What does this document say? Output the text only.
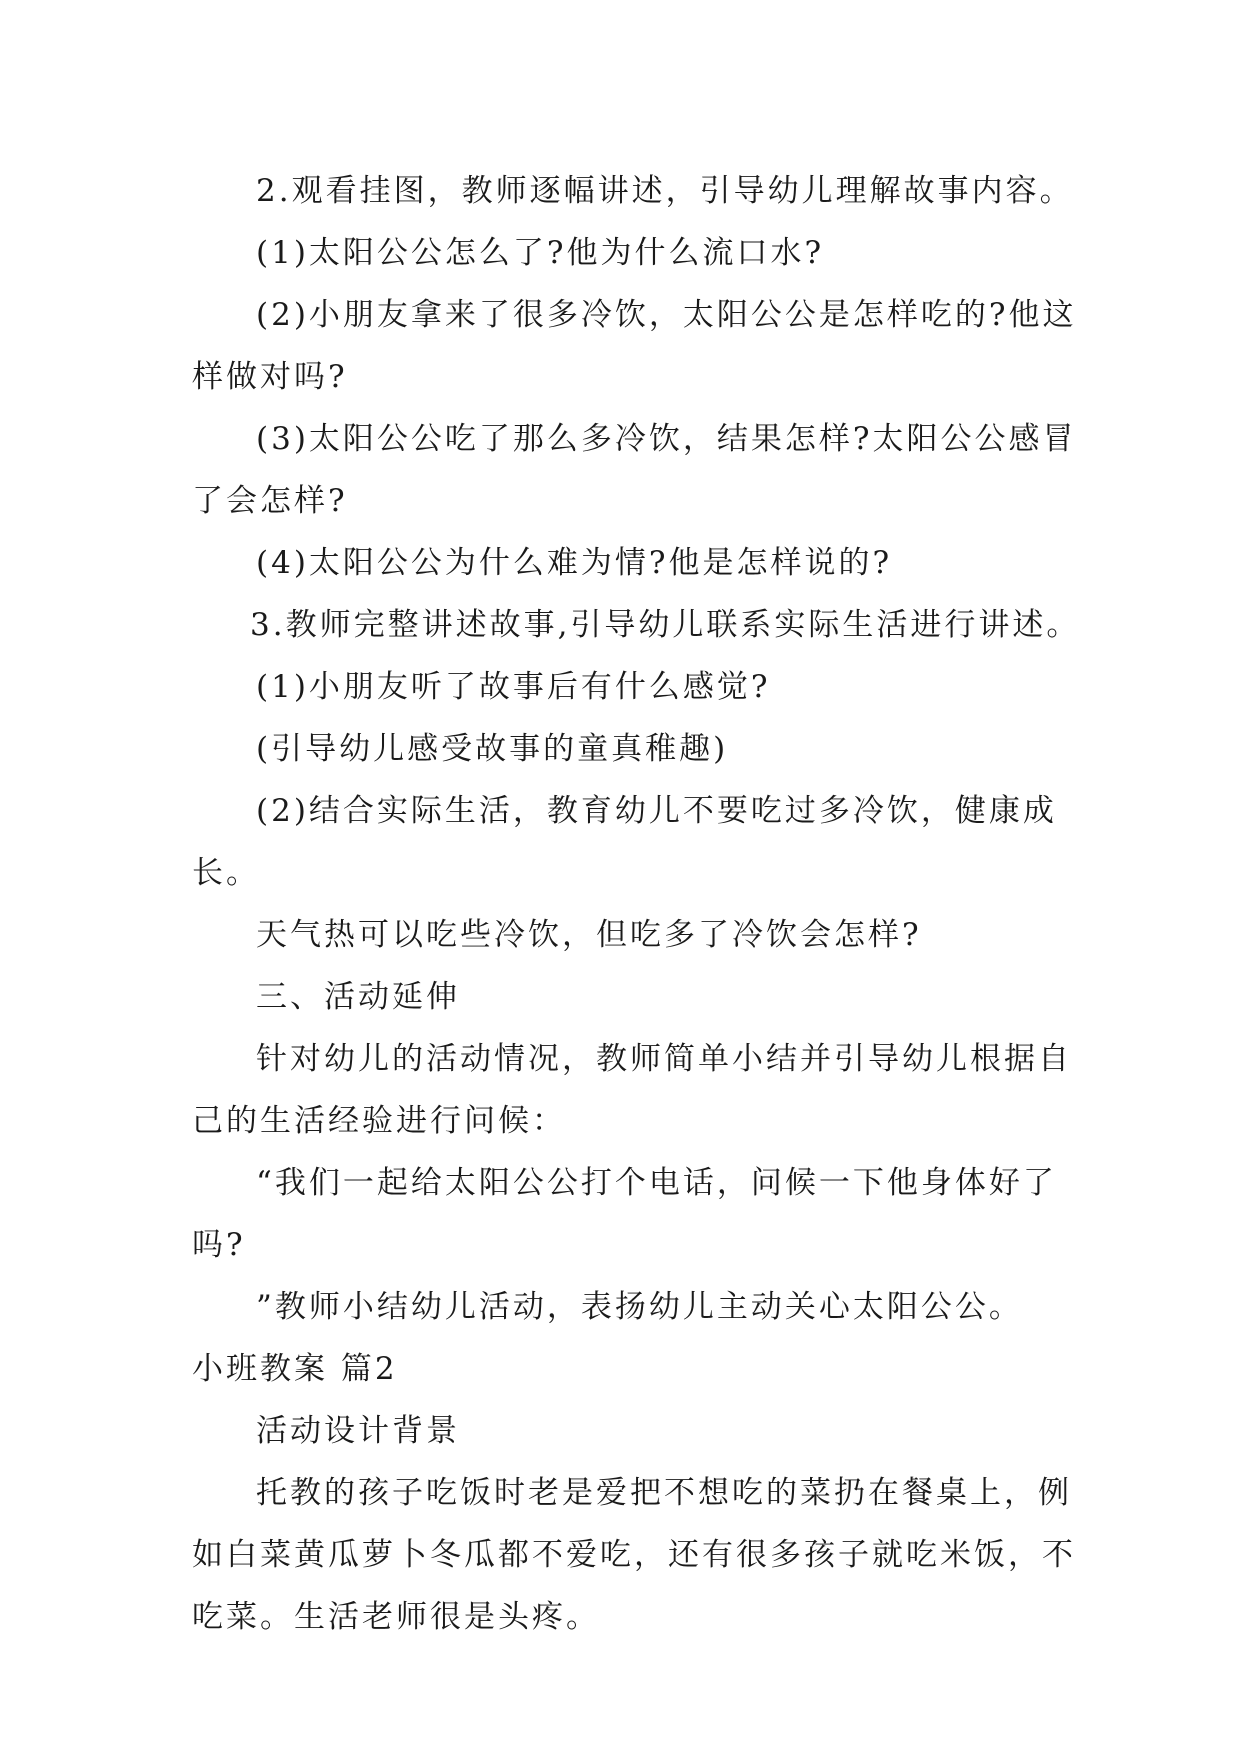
2.观看挂图，教师逐幅讲述，引导幼儿理解故事内容。
(1)太阳公公怎么了?他为什么流口水?
(2)小朋友拿来了很多冷饮，太阳公公是怎样吃的?他这
样做对吗?
(3)太阳公公吃了那么多冷饮，结果怎样?太阳公公感冒
了会怎样?
(4)太阳公公为什么难为情?他是怎样说的?
3.教师完整讲述故事,引导幼儿联系实际生活进行讲述。
(1)小朋友听了故事后有什么感觉?
(引导幼儿感受故事的童真稚趣)
(2)结合实际生活，教育幼儿不要吃过多冷饮，健康成
长。
天气热可以吃些冷饮，但吃多了冷饮会怎样?
三、活动延伸
针对幼儿的活动情况，教师简单小结并引导幼儿根据自
己的生活经验进行问候：
“我们一起给太阳公公打个电话，问候一下他身体好了
吗?
”教师小结幼儿活动，表扬幼儿主动关心太阳公公。
小班教案 篇2
活动设计背景
托教的孩子吃饭时老是爱把不想吃的菜扔在餐桌上，例
如白菜黄瓜萝卜冬瓜都不爱吃，还有很多孩子就吃米饭，不
吃菜。生活老师很是头疼。
